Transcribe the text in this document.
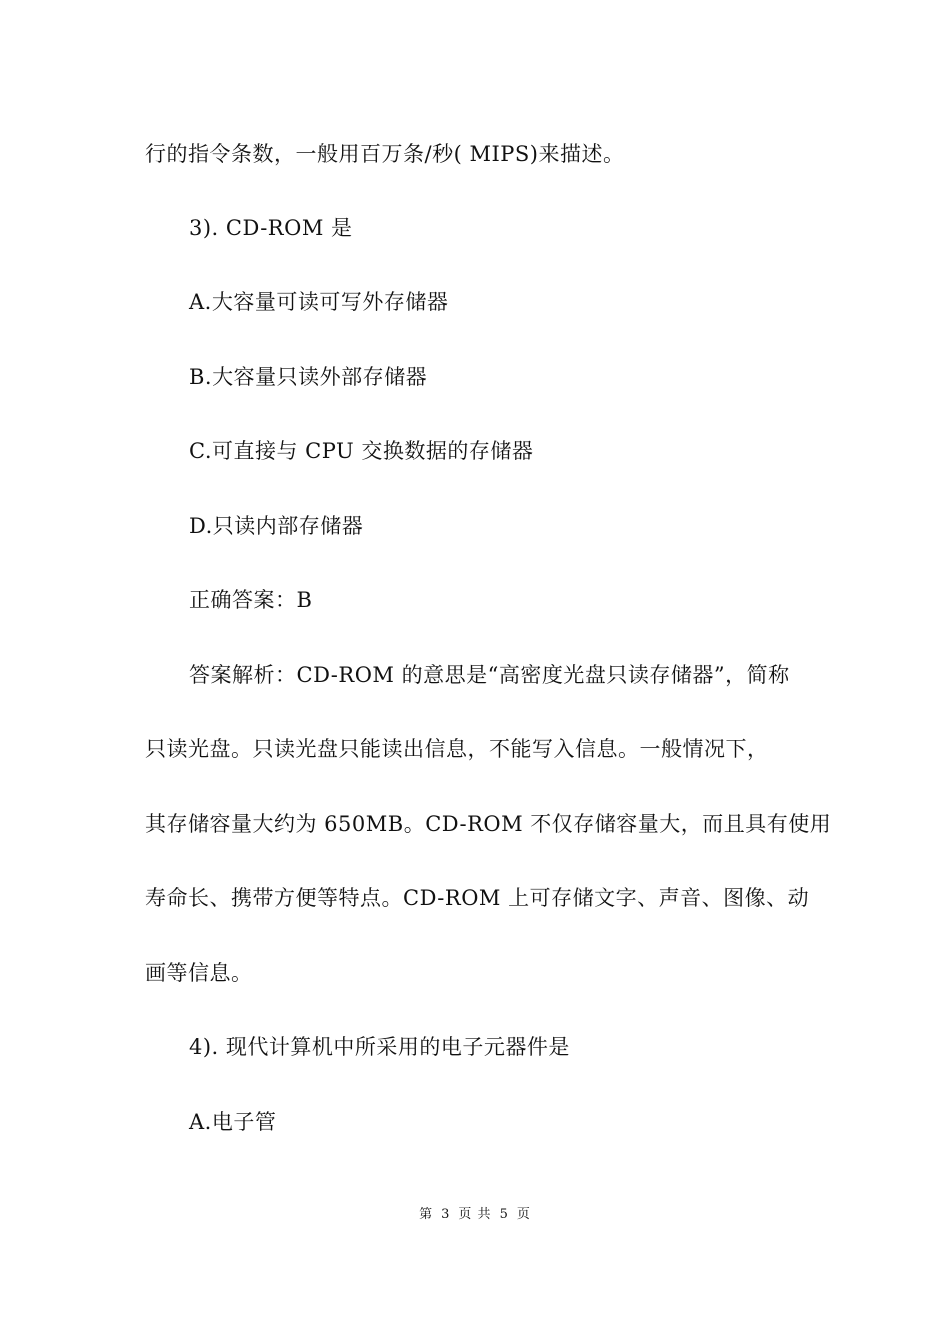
行的指令条数，一般用百万条/秒( MIPS)来描述。
3). CD-ROM 是
A.大容量可读可写外存储器
B.大容量只读外部存储器
C.可直接与 CPU 交换数据的存储器
D.只读内部存储器
正确答案：B
答案解析：CD-ROM 的意思是“高密度光盘只读存储器”，简称
只读光盘。只读光盘只能读出信息，不能写入信息。一般情况下，
其存储容量大约为 650MB。CD-ROM 不仅存储容量大，而且具有使用
寿命长、携带方便等特点。CD-ROM 上可存储文字、声音、图像、动
画等信息。
4). 现代计算机中所采用的电子元器件是
A.电子管
第 3 页 共 5 页
